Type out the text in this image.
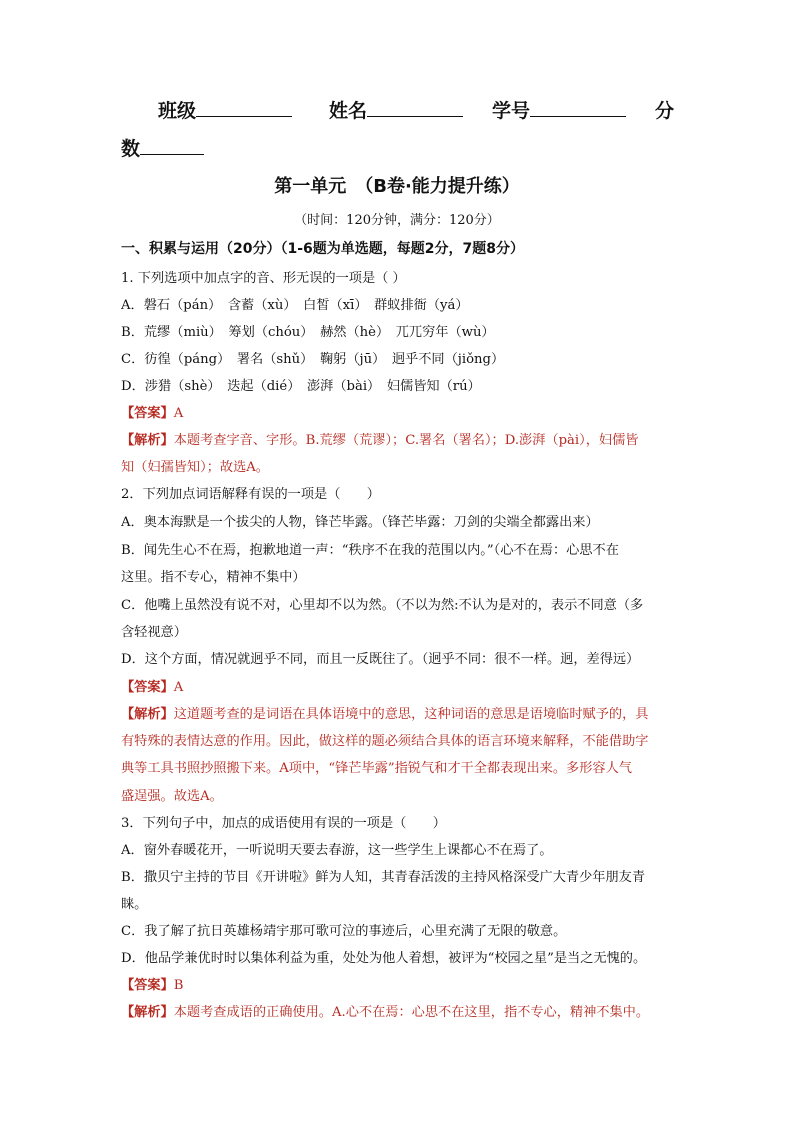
班级	姓名	学号	分
数
第一单元　（B卷·能力提升练）
（时间：120分钟，满分：120分）
一、积累与运用（20分）（1-6题为单选题，每题2分，7题8分）
1. 下列选项中加点字的音、形无误的一项是（ ）
A．磐石（pán）　含蓄（xù）　白皙（xī）　群蚁排衙（yá）
B．荒缪（miù）　筹划（chóu）　赫然（hè）　兀兀穷年（wù）
C．彷徨（páng）　署名（shǔ）　鞠躬（jū）　迥乎不同（jiǒng）
D．涉猎（shè）　迭起（dié）　澎湃（bài）　妇儒皆知（rú）
【答案】A
【解析】本题考查字音、字形。B.荒缪（荒谬）；C.署名（署名）；D.澎湃（pài），妇儒皆
知（妇孺皆知）；故选A。
2．下列加点词语解释有误的一项是（　　）
A．奥本海默是一个拔尖的人物，锋芒毕露。（锋芒毕露：刀剑的尖端全都露出来）
B．闻先生心不在焉，抱歉地道一声：“秩序不在我的范围以内。”（心不在焉：心思不在
这里。指不专心，精神不集中）
C．他嘴上虽然没有说不对，心里却不以为然。（不以为然:不认为是对的，表示不同意（多
含轻视意）
D．这个方面，情况就迥乎不同，而且一反既往了。（迥乎不同：很不一样。迥，差得远）
【答案】A
【解析】这道题考查的是词语在具体语境中的意思，这种词语的意思是语境临时赋予的，具
有特殊的表情达意的作用。因此，做这样的题必须结合具体的语言环境来解释，不能借助字
典等工具书照抄照搬下来。A项中，“锋芒毕露”指锐气和才干全都表现出来。多形容人气
盛逞强。故选A。
3．下列句子中，加点的成语使用有误的一项是（　　）
A．窗外春暖花开，一听说明天要去春游，这一些学生上课都心不在焉了。
B．撒贝宁主持的节目《开讲啦》鲜为人知，其青春活泼的主持风格深受广大青少年朋友青
睐。
C．我了解了抗日英雄杨靖宇那可歌可泣的事迹后，心里充满了无限的敬意。
D．他品学兼优时时以集体利益为重，处处为他人着想，被评为“校园之星”是当之无愧的。
【答案】B
【解析】本题考查成语的正确使用。A.心不在焉：心思不在这里，指不专心，精神不集中。
